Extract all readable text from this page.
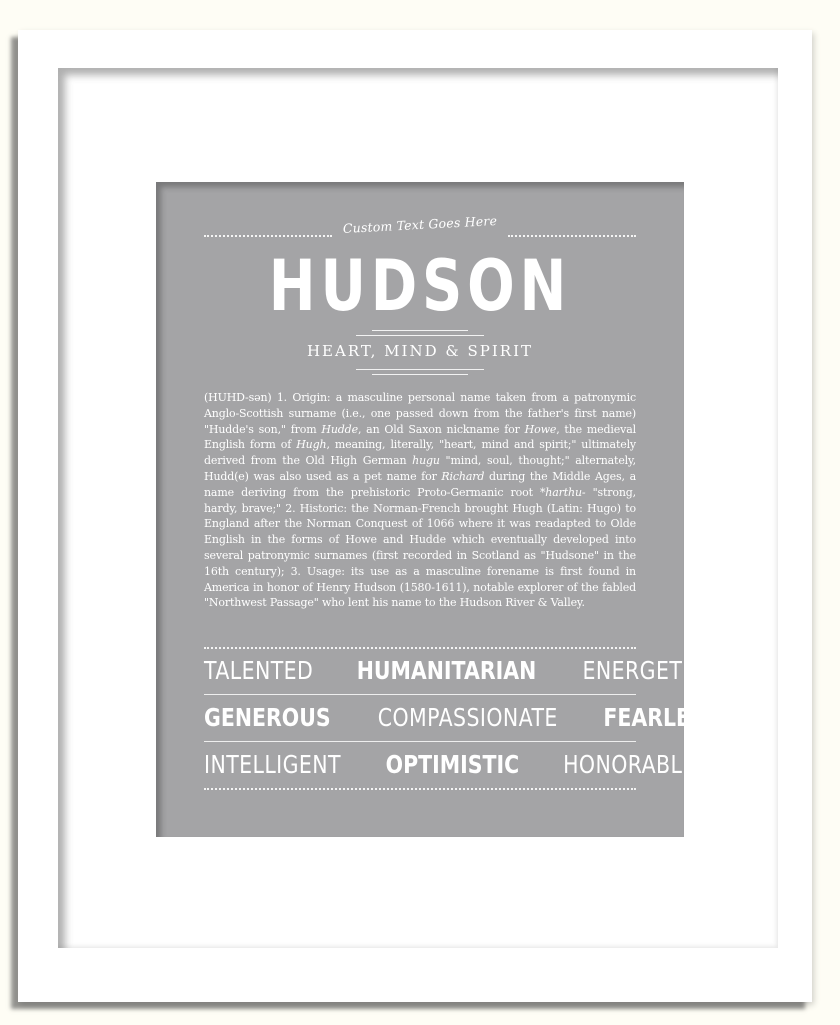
Custom Text Goes Here
HUDSON
HEART, MIND & SPIRIT
(HUHD-sən) 1. Origin: a masculine personal name taken from a patronymic Anglo-Scottish surname (i.e., one passed down from the father's first name) "Hudde's son," from Hudde, an Old Saxon nickname for Howe, the medieval English form of Hugh, meaning, literally, "heart, mind and spirit;" ultimately derived from the Old High German hugu "mind, soul, thought;" alternately, Hudd(e) was also used as a pet name for Richard during the Middle Ages, a name deriving from the prehistoric Proto-Germanic root *harthu- "strong, hardy, brave;" 2. Historic: the Norman-French brought Hugh (Latin: Hugo) to England after the Norman Conquest of 1066 where it was readapted to Olde English in the forms of Howe and Hudde which eventually developed into several patronymic surnames (first recorded in Scotland as "Hudsone" in the 16th century); 3. Usage: its use as a masculine forename is first found in America in honor of Henry Hudson (1580-1611), notable explorer of the fabled "Northwest Passage" who lent his name to the Hudson River & Valley.
TALENTED HUMANITARIAN ENERGETIC
GENEROUS COMPASSIONATE FEARLESS
INTELLIGENT OPTIMISTIC HONORABLE
